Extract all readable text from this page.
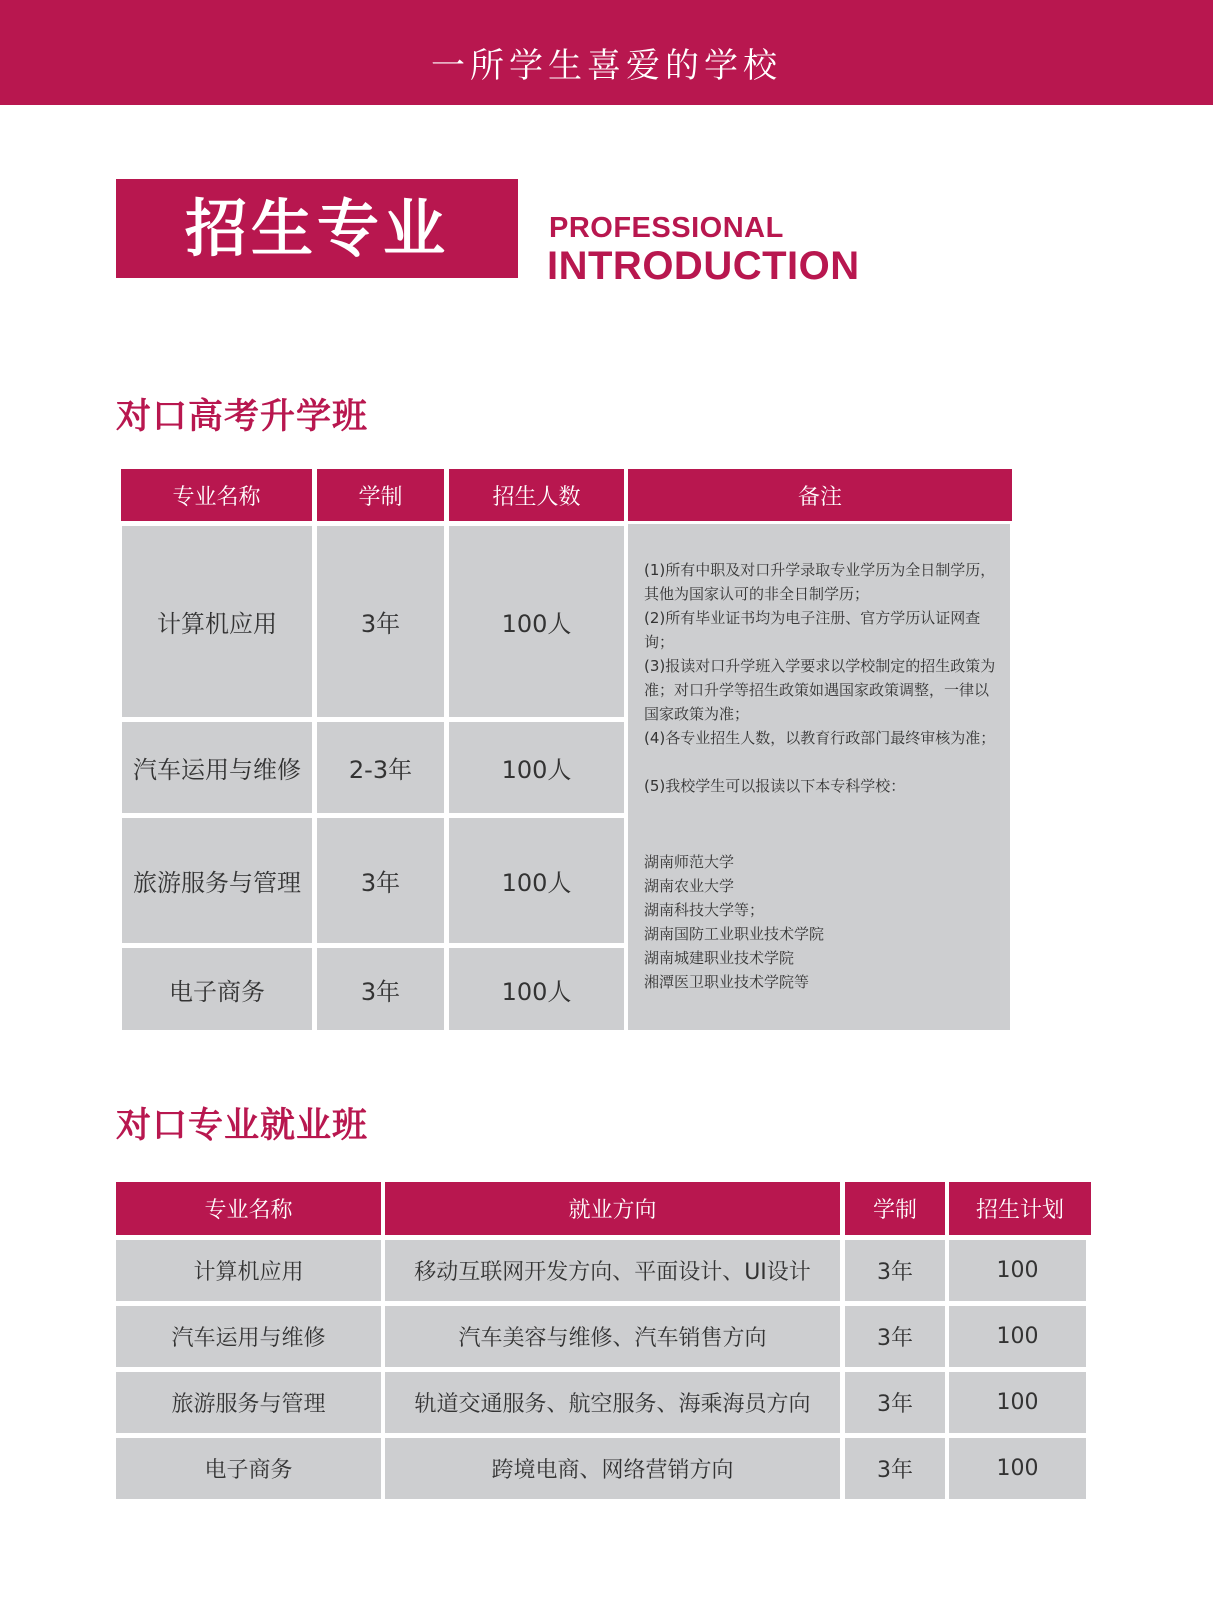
一所学生喜爱的学校
招生专业	PROFESSIONAL
INTRODUCTION
对口高考升学班
专业名称	学制	招生人数	备注
计算机应用	3年	100人
汽车运用与维修	2-3年	100人
旅游服务与管理	3年	100人
电子商务	3年	100人
(1)所有中职及对口升学录取专业学历为全日制学历，其他为国家认可的非全日制学历；
(2)所有毕业证书均为电子注册、官方学历认证网查询；
(3)报读对口升学班入学要求以学校制定的招生政策为准；对口升学等招生政策如遇国家政策调整，一律以国家政策为准；
(4)各专业招生人数，以教育行政部门最终审核为准；
(5)我校学生可以报读以下本专科学校：
湖南师范大学
湖南农业大学
湖南科技大学等；
湖南国防工业职业技术学院
湖南城建职业技术学院
湘潭医卫职业技术学院等
对口专业就业班
专业名称	就业方向	学制	招生计划
计算机应用	移动互联网开发方向、平面设计、UI设计	3年	100
汽车运用与维修	汽车美容与维修、汽车销售方向	3年	100
旅游服务与管理	轨道交通服务、航空服务、海乘海员方向	3年	100
电子商务	跨境电商、网络营销方向	3年	100
